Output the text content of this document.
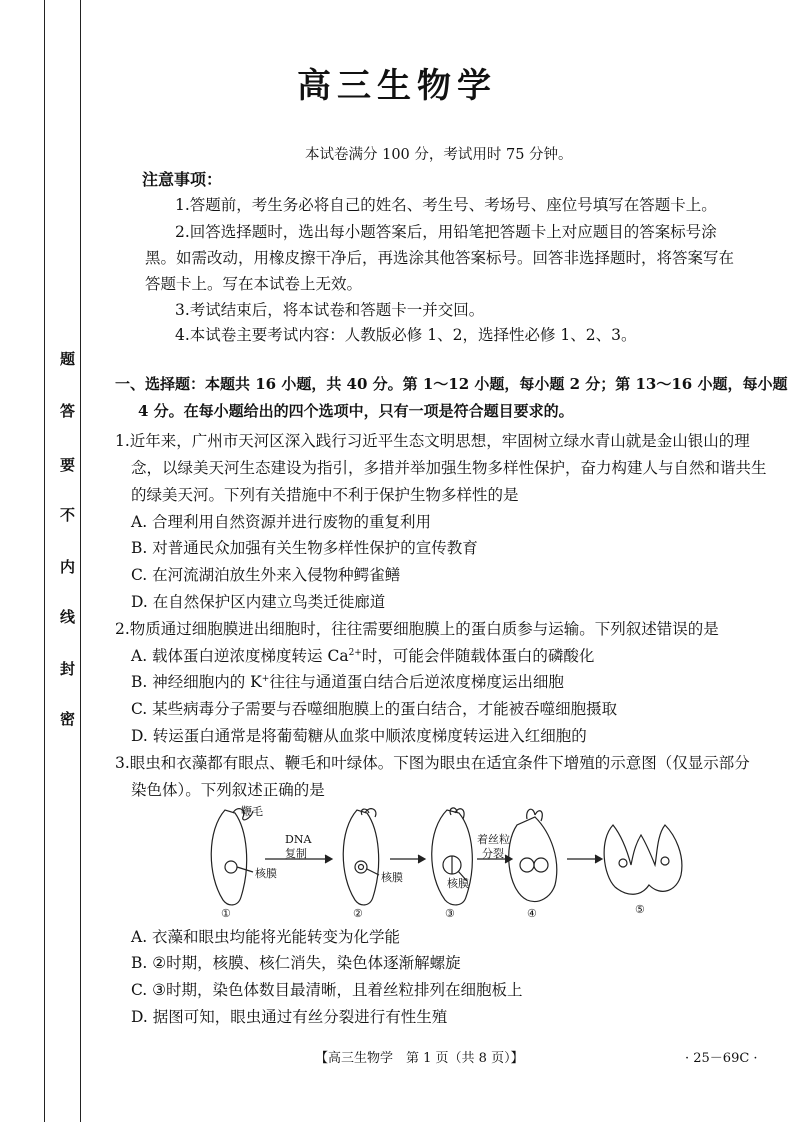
题
答
要
不
内
线
封
密
高三生物学
本试卷满分 100 分，考试用时 75 分钟。
注意事项：
1.答题前，考生务必将自己的姓名、考生号、考场号、座位号填写在答题卡上。
2.回答选择题时，选出每小题答案后，用铅笔把答题卡上对应题目的答案标号涂
黑。如需改动，用橡皮擦干净后，再选涂其他答案标号。回答非选择题时，将答案写在
答题卡上。写在本试卷上无效。
3.考试结束后，将本试卷和答题卡一并交回。
4.本试卷主要考试内容：人教版必修 1、2，选择性必修 1、2、3。
一、选择题：本题共 16 小题，共 40 分。第 1～12 小题，每小题 2 分；第 13～16 小题，每小题
4 分。在每小题给出的四个选项中，只有一项是符合题目要求的。
1.近年来，广州市天河区深入践行习近平生态文明思想，牢固树立绿水青山就是金山银山的理
念，以绿美天河生态建设为指引，多措并举加强生物多样性保护，奋力构建人与自然和谐共生
的绿美天河。下列有关措施中不利于保护生物多样性的是
A. 合理利用自然资源并进行废物的重复利用
B. 对普通民众加强有关生物多样性保护的宣传教育
C. 在河流湖泊放生外来入侵物种鳄雀鳝
D. 在自然保护区内建立鸟类迁徙廊道
2.物质通过细胞膜进出细胞时，往往需要细胞膜上的蛋白质参与运输。下列叙述错误的是
A. 载体蛋白逆浓度梯度转运 $Ca^{2+}$时，可能会伴随载体蛋白的磷酸化
B. 神经细胞内的 K+往往与通道蛋白结合后逆浓度梯度运出细胞
C. 某些病毒分子需要与吞噬细胞膜上的蛋白结合，才能被吞噬细胞摄取
D. 转运蛋白通常是将葡萄糖从血浆中顺浓度梯度转运进入红细胞的
3.眼虫和衣藻都有眼点、鞭毛和叶绿体。下图为眼虫在适宜条件下增殖的示意图（仅显示部分
染色体）。下列叙述正确的是
鞭毛
DNA
复制
核膜	核膜	核膜
着丝粒
分裂
①	②	③	④	⑤
A. 衣藻和眼虫均能将光能转变为化学能
B. ②时期，核膜、核仁消失，染色体逐渐解螺旋
C. ③时期，染色体数目最清晰，且着丝粒排列在细胞板上
D. 据图可知，眼虫通过有丝分裂进行有性生殖
【高三生物学　第 1 页（共 8 页）】	· 25－69C ·
